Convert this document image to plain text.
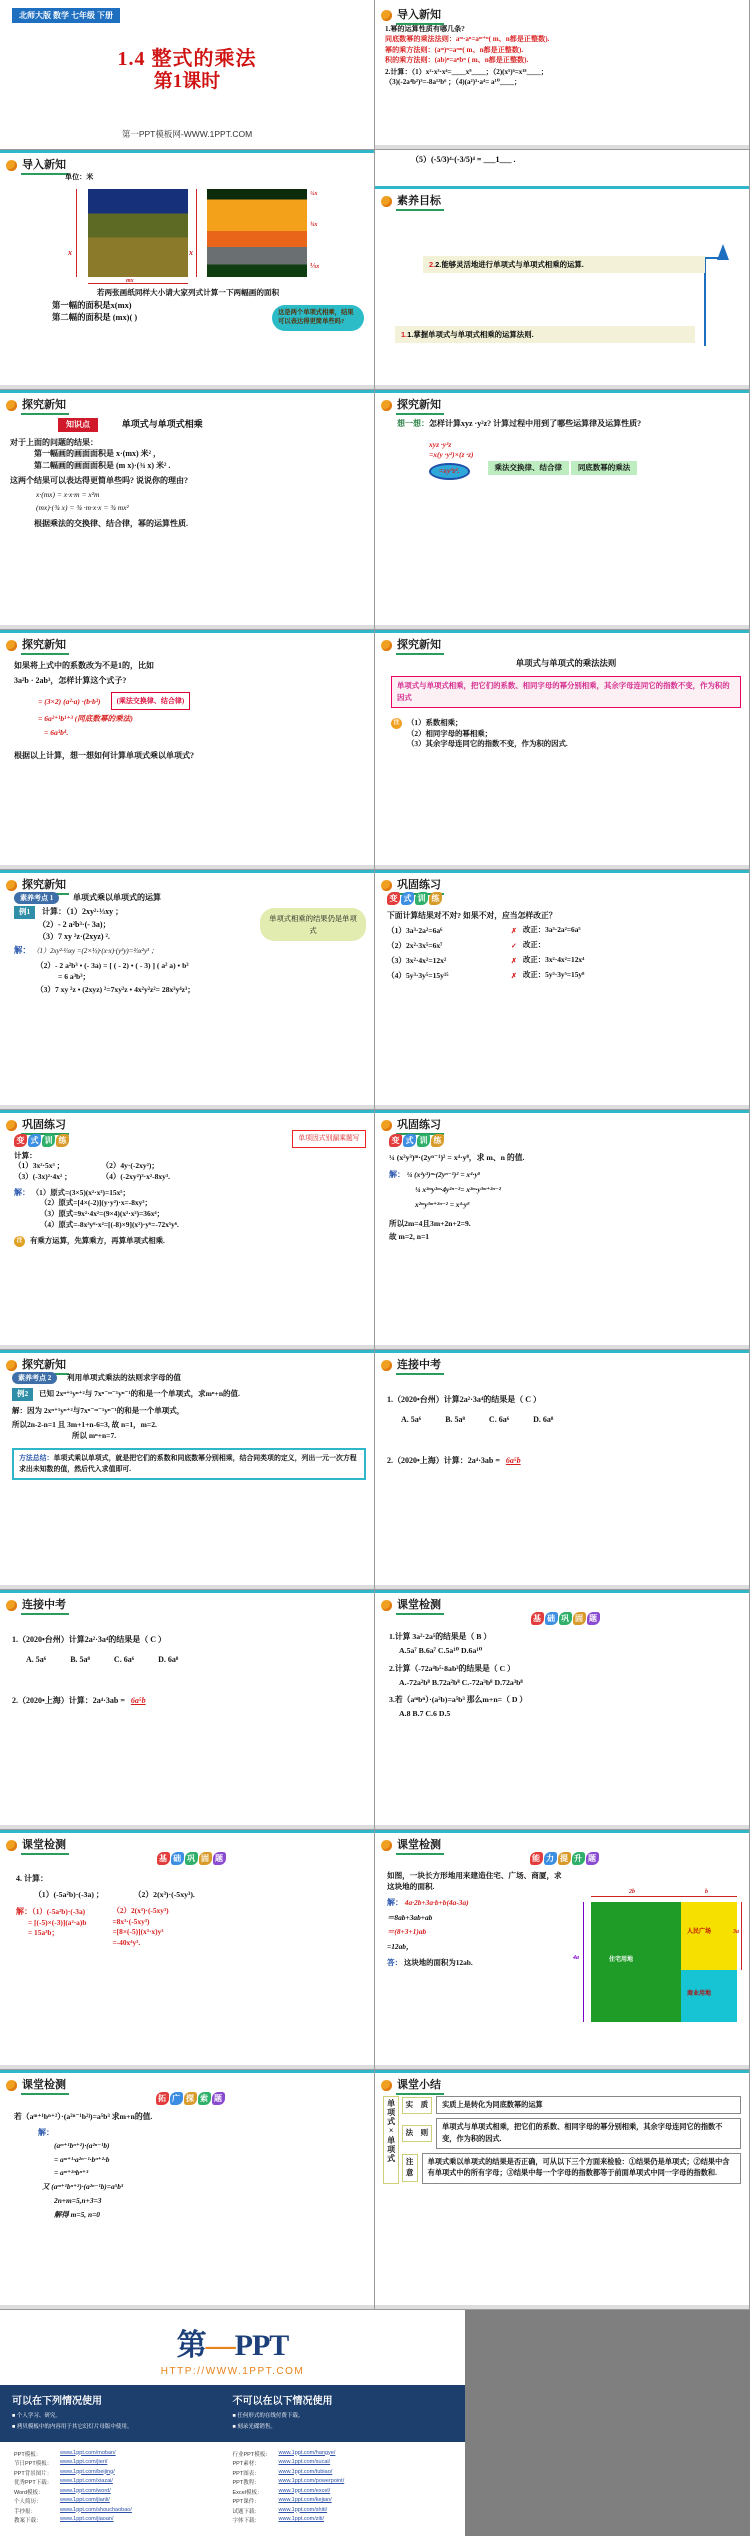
北师大版 数学 七年级 下册
1.4 整式的乘法
第1课时
第一PPT模板网-WWW.1PPT.COM
导入新知
1.幂的运算性质有哪几条?
同底数幂的乘法法则：aᵐ·aⁿ=aᵐ⁺ⁿ( m、n都是正整数).
幂的乘方法则：(aᵐ)ⁿ=aᵐⁿ( m、n都是正整数).
积的乘方法则：(ab)ⁿ=aⁿbⁿ ( m、n都是正整数).
2.计算：（1）x²·x³·x⁴=____x⁹____；（2)(x⁵)⁶=x¹⁸____；
（3)(-2a⁴b²)³=-8a¹²b⁶ ；（4)(a²)³·a⁴= a¹⁰____；
导入新知
单位：米
x	x
¼x
¾x
⅕x
mx
若两张画纸同样大小请大家列式计算一下两幅画的面积
第一幅的面积是x(mx)
第二幅的面积是 (mx)( )
这是两个单项式相乘，结果可以表达得更简单些吗?
（5）(-5/3)⁴·(-3/5)⁴ = ___1___ .
素养目标
2.2.能够灵活地进行单项式与单项式相乘的运算.
1.1.掌握单项式与单项式相乘的运算法则.
探究新知
知识点	单项式与单项式相乘
对于上面的问题的结果：
第一幅画的画面面积是 x·(mx) 米² ，
第二幅画的画面面积是 (m x)·(¾ x) 米² .
这两个结果可以表达得更简单些吗? 说说你的理由?
x·(mx) = x·x·m = x²m
(mx)·(¾ x) = ¾ ·m·x·x = ¾ mx²
根据乘法的交换律、结合律，幂的运算性质.
探究新知
想一想：怎样计算xyz ·y²z? 计算过程中用到了哪些运算律及运算性质?
xyz ·y²z
=x(y ·y²)×(z ·z)
=xy³z².	乘法交换律、结合律 同底数幂的乘法
探究新知
如果将上式中的系数改为不是1的，比如
3a²b · 2ab³，怎样计算这个式子?
= (3×2) (a²·a) ·(b·b³)	(乘法交换律、结合律)
= 6a²⁺¹b¹⁺³ (同底数幂的乘法)
= 6a³b⁴.
根据以上计算，想一想如何计算单项式乘以单项式?
探究新知
单项式与单项式的乘法法则
单项式与单项式相乘，把它们的系数、相同字母的幂分别相乘，其余字母连同它的指数不变，作为积的因式
注意
（1）系数相乘；
（2）相同字母的幂相乘；
（3）其余字母连同它的指数不变，作为积的因式.
探究新知
素养考点 1 单项式乘以单项式的运算
单项式相乘的结果仍是单项式
例1 计算：（1）2xy²·⅓xy ；
（2）- 2 a²b³·(- 3a)；
（3）7 xy ²z·(2xyz) ².
解： （1）2xy²·⅓xy =(2×⅓)·(x·x)·(y²y)=⅔x²y³ ；
（2）- 2 a²b³ • (- 3a) = [ ( - 2) • ( - 3) ] ( a² a) • b³
= 6 a³b³；
（3）7 xy ²z • (2xyz) ²=7xy²z • 4x²y²z²= 28x³y⁴z³；
巩固练习
变 式 训 练
下面计算结果对不对? 如果不对，应当怎样改正？
（1）3a³·2a²=6a⁶	✗ 改正：3a³·2a²=6a⁵
（2）2x²·3x⁵=6x⁷	✓ 改正：
（3）3x²·4x²=12x²	✗ 改正：3x²·4x²=12x⁴
（4）5y³·3y⁵=15y¹⁵	✗ 改正：5y³·3y⁵=15y⁸
巩固练习
变 式 训 练
计算：
（1）3x²·5x³ ；
（3）(-3x)²·4x² ；
（2）4y·(-2xy²)；
（4）(-2xy²)³·x²-8xy³.
单项因式别漏乘题写
解： （1）原式=(3×5)(x²·x³)=15x⁵；
（2）原式=[4×(-2)](y·y²)·x=-8xy³；
（3）原式=9x²·4x²=(9×4)(x²·x²)=36x⁴；
（4）原式=-8x³y⁶·x²=[(-8)×9](x²)·y⁶=-72x⁵y⁶.
注意
有乘方运算，先算乘方，再算单项式相乘.
巩固练习
变 式 训 练
¼ (x²y³)ᵐ·(2yⁿ⁻¹)² = x⁴·y⁸，求 m、n 的值.
解： ¼ (x²y³)ᵐ·(2yⁿ⁻¹)² = x⁴·y⁸
¼ x²ᵐy³ᵐ·4y²ⁿ⁻²= x²ᵐ·y³ᵐ⁺²ⁿ⁻²
x²ᵐy³ᵐ⁺²ⁿ⁻² = x⁴·y⁸
所以2m=4且3m+2n+2=9.
故 m=2, n=1
探究新知
素养考点 2 利用单项式乘法的法则求字母的值
例2 已知 2xⁿ⁺¹yⁿ⁺²与 7xⁿ⁻ᵐ⁻¹yⁿ⁻¹的和是一个单项式，求mⁿ+n的值.
解：因为 2xⁿ⁺¹yⁿ⁺²与7xⁿ⁻ᵐ⁻¹yⁿ⁻¹的和是一个单项式，
所以2n-2-n=1 且 3m+1+n-6=3, 故 n=1，m=2.
所以 mⁿ+n=7.
方法总结：单项式乘以单项式，就是把它们的系数和同底数幂分别相乘，结合同类项的定义，列出一元一次方程求出未知数的值，然后代入求值即可.
连接中考
1.（2020•台州）计算2a²·3a⁴的结果是（ C ）
A. 5a⁶	B. 5a⁸	C. 6a⁶	D. 6a⁸
2.（2020•上海）计算：2a⁴·3ab = 6a⁵b
连接中考
1.（2020•台州）计算2a²·3a⁴的结果是（ C ）
A. 5a⁶	B. 5a⁸	C. 6a⁶	D. 6a⁸
2.（2020•上海）计算：2a⁴·3ab = 6a⁵b
课堂检测
基 础 巩 固 题
1.计算 3a²·2a⁵的结果是（ B ）
A.5a⁷ B.6a⁷ C.5a¹⁰ D.6a¹⁰
2.计算（-72a⁴b⁵·8ab³的结果是（ C ）
A.-72a²b⁸ B.72a²b⁸ C.-72a³b⁸ D.72a³b⁸
3.若（aᵐbⁿ）·(a²b)=a⁵b³ 那么m+n=（ D ）
A.8 B.7 C.6 D.5
课堂检测
基 础 巩 固 题
4. 计算：
（1）(-5a²b)·(-3a) ；	（2）2(x³)·(-5xy³).
解：（1）(-5a²b)·(-3a)
= [(-5)×(-3)](a²·a)b
= 15a³b；
（2）2(x³)·(-5xy³)
=8x³·(-5xy³)
=[8×(-5)](x³·x)y³
=-40x⁴y³.
课堂检测
能 力 提 升 题
如图，一块长方形地用来建造住宅、广场、商厦，求这块地的面积.
解： 4a·2b+3a·b+b(4a-3a)
＝8ab+3ab+ab
＝(8+3+1)ab
=12ab，
答： 这块地的面积为12ab.	住宅用地
人民广场
商业用地
2b	b
4a
3a
课堂检测
拓 广 探 索 题
若（aᵐ⁺¹bⁿ⁺²）·(a²ⁿ⁻¹b²ʲ)=a⁵b³ 求m+n的值.
解：
(aᵐ⁺¹bⁿ⁺²)·(a²ⁿ⁻¹b)
= aᵐ⁺¹·a²ⁿ⁻¹·bⁿ⁺²·b
= aᵐ⁺²ⁿbⁿ⁺³
又 (aᵐ⁺¹bⁿ⁺²)·(a²ⁿ⁻¹b)=a⁵b³
2n+m=5,n+3=3
解得 m=5, n=0
课堂小结
单项式×单项式	实　质	实质上是转化为同底数幂的运算
法　则
单项式与单项式相乘，把它们的系数、相同字母的幂分别相乘，其余字母连同它的指数不变，作为积的因式.
注意
单项式乘以单项式的结果是否正确，可从以下三个方面来检验：①结果仍是单项式；②结果中含有单项式中的所有字母；③结果中每一个字母的指数都等于前面单项式中同一字母的指数和.
第—PPT
HTTP://WWW.1PPT.COM
可以在下列情况使用
■ 个人学习、研究。
■ 拷贝模板中的内容用于其它幻灯片母版中使用。
不可以在以下情况使用
■ 任何形式的在线付费下载。
■ 刻录光碟销售。
PPT模板：	www.1ppt.com/moban/
节日PPT模板：	www.1ppt.com/jieri/
PPT背景图片：	www.1ppt.com/beijing/
优秀PPT下载：	www.1ppt.com/xiazai/
Word模板：	www.1ppt.com/word/
个人简历：	www.1ppt.com/jianli/
手抄报：	www.1ppt.com/shouchaobao/
教案下载：	www.1ppt.com/jiaoan/
行业PPT模板：	www.1ppt.com/hangye/
PPT素材：	www.1ppt.com/sucai/
PPT图表：	www.1ppt.com/tubiao/
PPT教程：	www.1ppt.com/powerpoint/
Excel模板：	www.1ppt.com/excel/
PPT课件：	www.1ppt.com/kejian/
试题下载：	www.1ppt.com/shiti/
字体下载：	www.1ppt.com/ziti/
